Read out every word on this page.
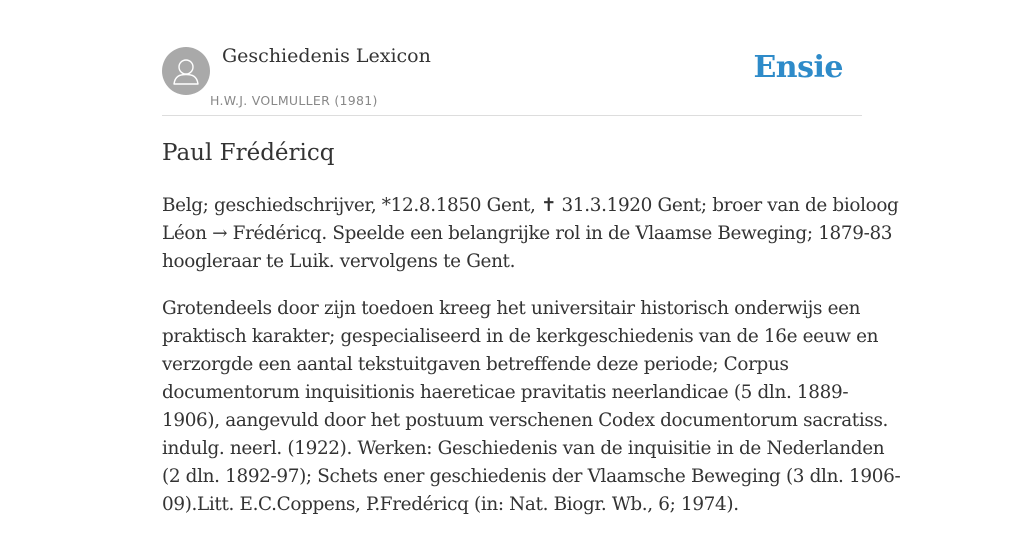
Geschiedenis Lexicon
H.W.J. VOLMULLER (1981)
Ensie
Paul Frédéricq

Belg; geschiedschrijver, *12.8.1850 Gent, ✝ 31.3.1920 Gent; broer van de bioloog
Léon → Frédéricq. Speelde een belangrijke rol in de Vlaamse Beweging; 1879-83
hoogleraar te Luik. vervolgens te Gent.

Grotendeels door zijn toedoen kreeg het universitair historisch onderwijs een
praktisch karakter; gespecialiseerd in de kerkgeschiedenis van de 16e eeuw en
verzorgde een aantal tekstuitgaven betreffende deze periode; Corpus
documentorum inquisitionis haereticae pravitatis neerlandicae (5 dln. 1889-
1906), aangevuld door het postuum verschenen Codex documentorum sacratiss.
indulg. neerl. (1922). Werken: Geschiedenis van de inquisitie in de Nederlanden
(2 dln. 1892-97); Schets ener geschiedenis der Vlaamsche Beweging (3 dln. 1906-
09).Litt. E.C.Coppens, P.Fredéricq (in: Nat. Biogr. Wb., 6; 1974).
